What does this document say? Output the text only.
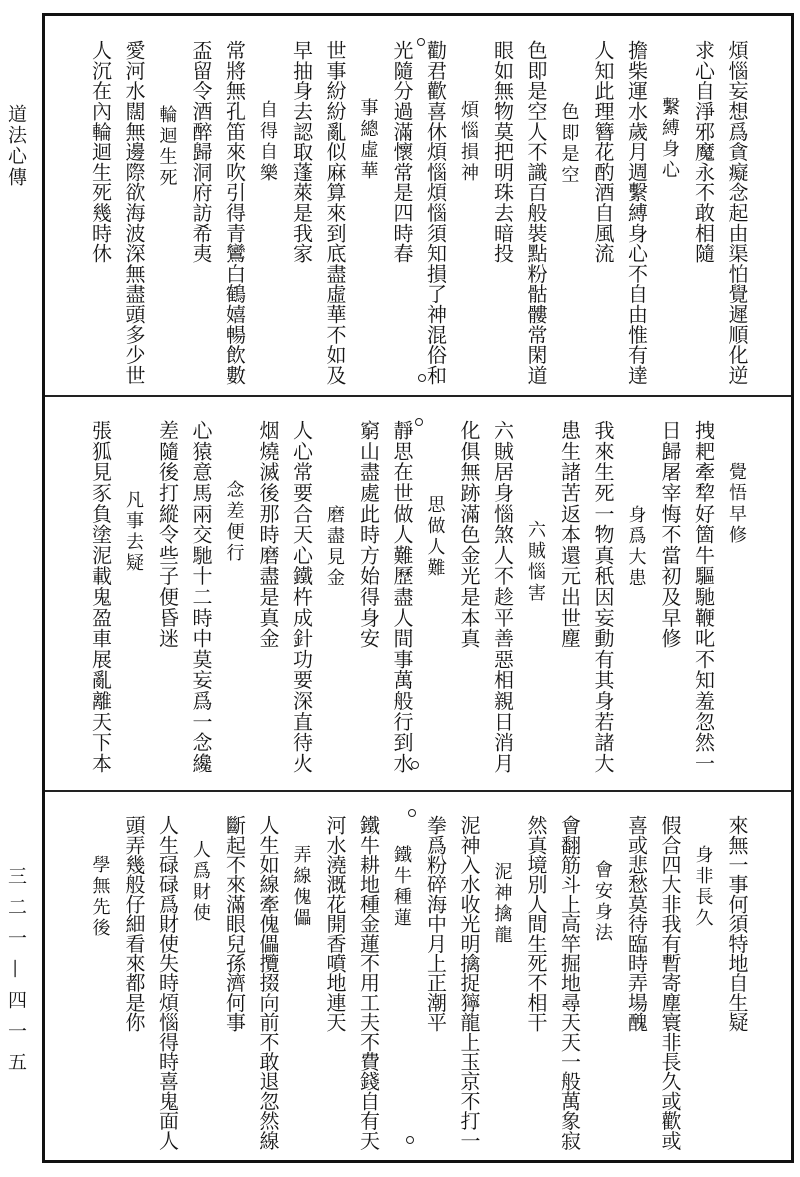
道法心傳
三二一—四一五
煩惱妄想爲貪癡念起由渠怕覺遲順化逆
求心自淨邪魔永不敢相隨
繫縛身心
擔柴運水歲月週繫縛身心不自由惟有達
人知此理簪花酌酒自風流
色即是空
色即是空人不識百般裝點粉骷髏常閑道
眼如無物莫把明珠去暗投
煩惱損神
勸君歡喜休煩惱煩惱須知損了神混俗和
光隨分過滿懷常是四時春
事總虛華
世事紛紛亂似麻算來到底盡虛華不如及
早抽身去認取蓬萊是我家
自得自樂
常將無孔笛來吹引得青鸞白鶴嬉暢飲數
盃留令酒醉歸洞府訪希夷
輪迴生死
愛河水闊無邊際欲海波深無盡頭多少世
人沉在內輪迴生死幾時休
覺悟早修
拽耙牽犂好箇牛驅馳鞭叱不知羞忽然一
日歸屠宰悔不當初及早修
身爲大患
我來生死一物真秖因妄動有其身若諸大
患生諸苦返本還元出世塵
六賊惱害
六賊居身惱煞人不趁平善惡相親日消月
化俱無跡滿色金光是本真
思做人難
靜思在世做人難歷盡人間事萬般行到水
窮山盡處此時方始得身安
磨盡見金
人心常要合天心鐵杵成針功要深直待火
烟燒滅後那時磨盡是真金
念差便行
心猿意馬兩交馳十二時中莫妄爲一念纔
差隨後打縱令些子便昏迷
凡事去疑
張狐見豕負塗泥載鬼盈車展亂離天下本
來無一事何須特地自生疑
身非長久
假合四大非我有暫寄塵寰非長久或歡或
喜或悲愁莫待臨時弄場醜
會安身法
會翻筋斗上高竿掘地尋天天一般萬象寂
然真境別人間生死不相干
泥神擒龍
泥神入水收光明擒捉獰龍上玉京不打一
拳爲粉碎海中月上正潮平
鐵牛種蓮
鐵牛耕地種金蓮不用工夫不費錢自有天
河水澆溉花開香噴地連天
弄線傀儡
人生如線牽傀儡攬掇向前不敢退忽然線
斷起不來滿眼兒孫濟何事
人爲財使
人生碌碌爲財使失時煩惱得時喜鬼面人
頭弄幾般仔細看來都是你
學無先後
